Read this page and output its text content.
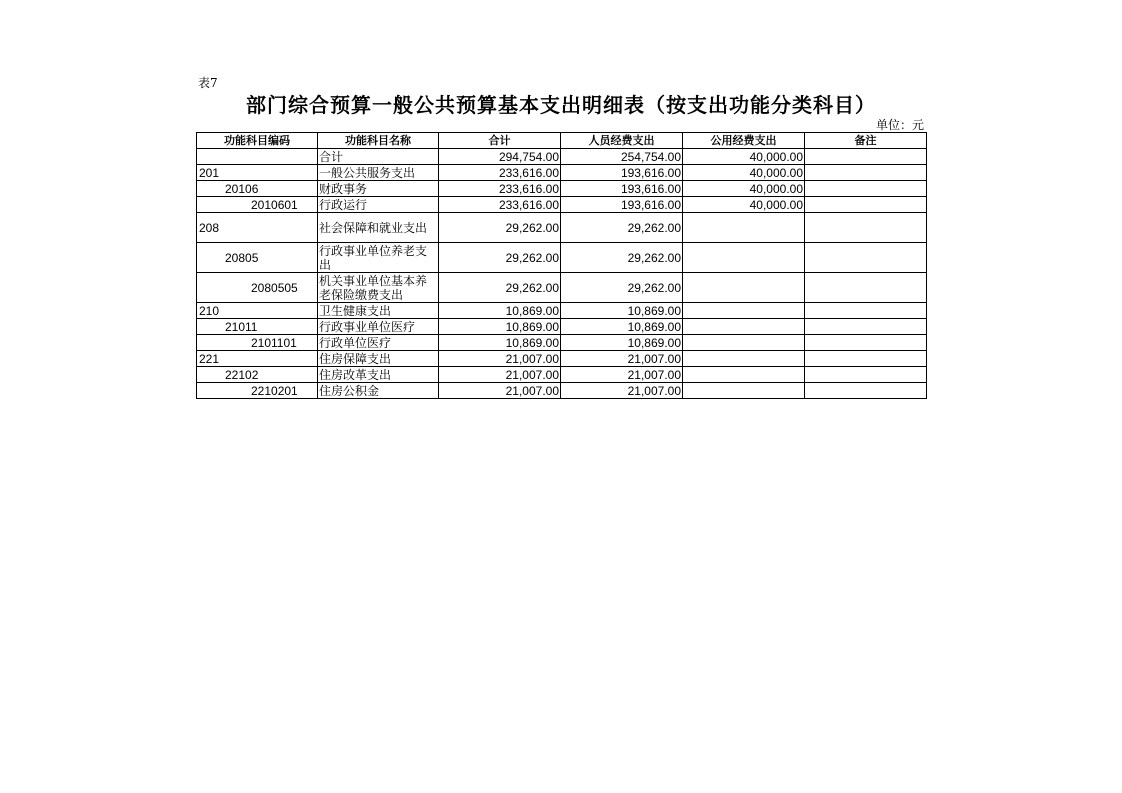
表7
部门综合预算一般公共预算基本支出明细表（按支出功能分类科目）
单位：元
功能科目编码	功能科目名称	合计	人员经费支出	公用经费支出	备注
	合计	294,754.00	254,754.00	40,000.00	
201	一般公共服务支出	233,616.00	193,616.00	40,000.00	
20106	财政事务	233,616.00	193,616.00	40,000.00	
2010601	行政运行	233,616.00	193,616.00	40,000.00	
208	社会保障和就业支出	29,262.00	29,262.00		
20805	行政事业单位养老支出	29,262.00	29,262.00		
2080505	机关事业单位基本养老保险缴费支出	29,262.00	29,262.00		
210	卫生健康支出	10,869.00	10,869.00		
21011	行政事业单位医疗	10,869.00	10,869.00		
2101101	行政单位医疗	10,869.00	10,869.00		
221	住房保障支出	21,007.00	21,007.00		
22102	住房改革支出	21,007.00	21,007.00		
2210201	住房公积金	21,007.00	21,007.00		
